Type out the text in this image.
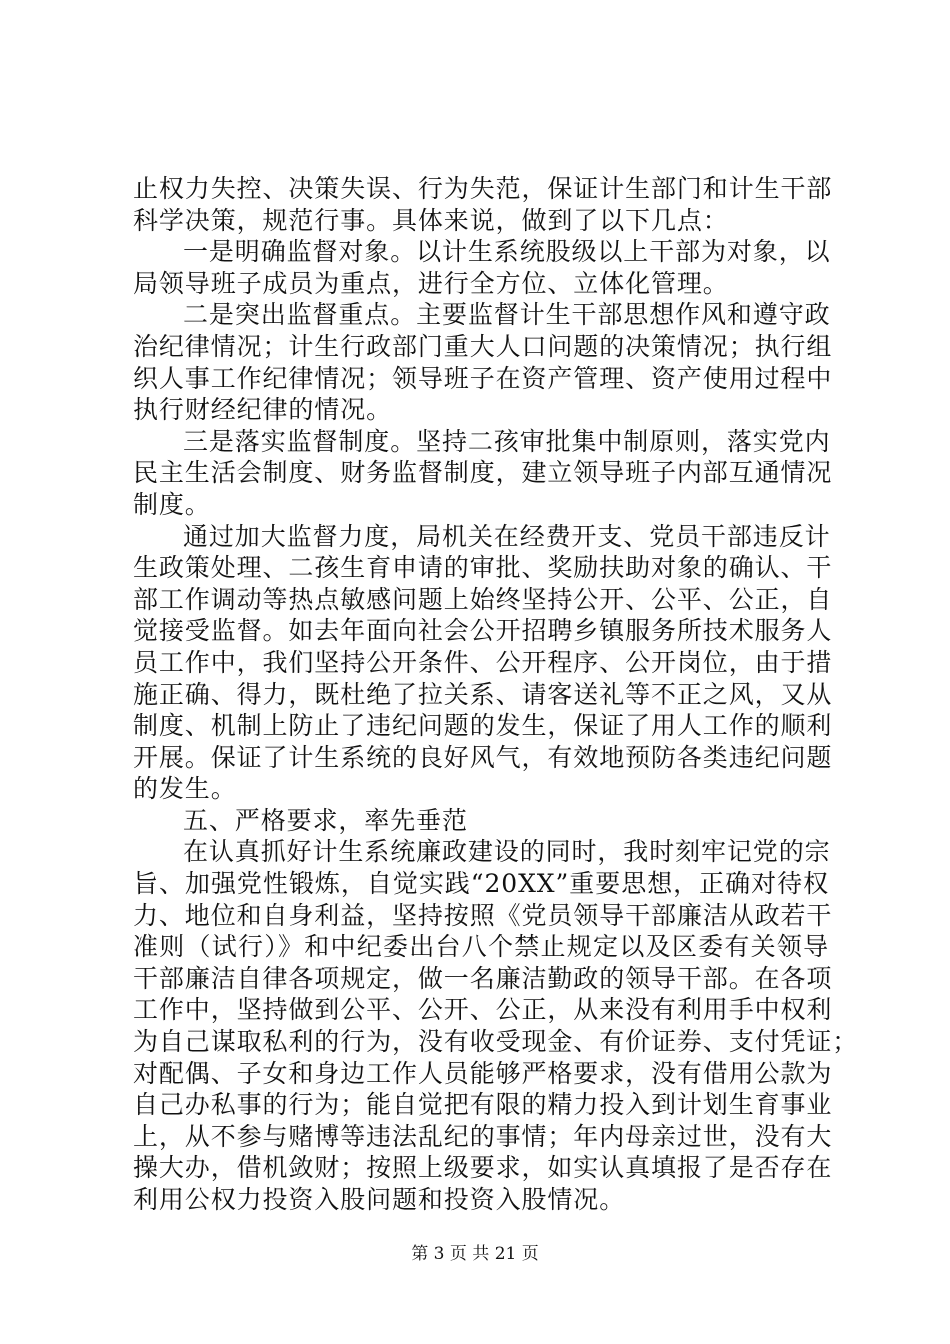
止权力失控、决策失误、行为失范，保证计生部门和计生干部
科学决策，规范行事。具体来说，做到了以下几点：
一是明确监督对象。以计生系统股级以上干部为对象，以
局领导班子成员为重点，进行全方位、立体化管理。
二是突出监督重点。主要监督计生干部思想作风和遵守政
治纪律情况；计生行政部门重大人口问题的决策情况；执行组
织人事工作纪律情况；领导班子在资产管理、资产使用过程中
执行财经纪律的情况。
三是落实监督制度。坚持二孩审批集中制原则，落实党内
民主生活会制度、财务监督制度，建立领导班子内部互通情况
制度。
通过加大监督力度，局机关在经费开支、党员干部违反计
生政策处理、二孩生育申请的审批、奖励扶助对象的确认、干
部工作调动等热点敏感问题上始终坚持公开、公平、公正，自
觉接受监督。如去年面向社会公开招聘乡镇服务所技术服务人
员工作中，我们坚持公开条件、公开程序、公开岗位，由于措
施正确、得力，既杜绝了拉关系、请客送礼等不正之风，又从
制度、机制上防止了违纪问题的发生，保证了用人工作的顺利
开展。保证了计生系统的良好风气，有效地预防各类违纪问题
的发生。
五、严格要求，率先垂范
在认真抓好计生系统廉政建设的同时，我时刻牢记党的宗
旨、加强党性锻炼，自觉实践“20XX”重要思想，正确对待权
力、地位和自身利益，坚持按照《党员领导干部廉洁从政若干
准则（试行）》和中纪委出台八个禁止规定以及区委有关领导
干部廉洁自律各项规定，做一名廉洁勤政的领导干部。在各项
工作中，坚持做到公平、公开、公正，从来没有利用手中权利
为自己谋取私利的行为，没有收受现金、有价证券、支付凭证；
对配偶、子女和身边工作人员能够严格要求，没有借用公款为
自己办私事的行为；能自觉把有限的精力投入到计划生育事业
上，从不参与赌博等违法乱纪的事情；年内母亲过世，没有大
操大办，借机敛财；按照上级要求，如实认真填报了是否存在
利用公权力投资入股问题和投资入股情况。
第 3 页 共 21 页
